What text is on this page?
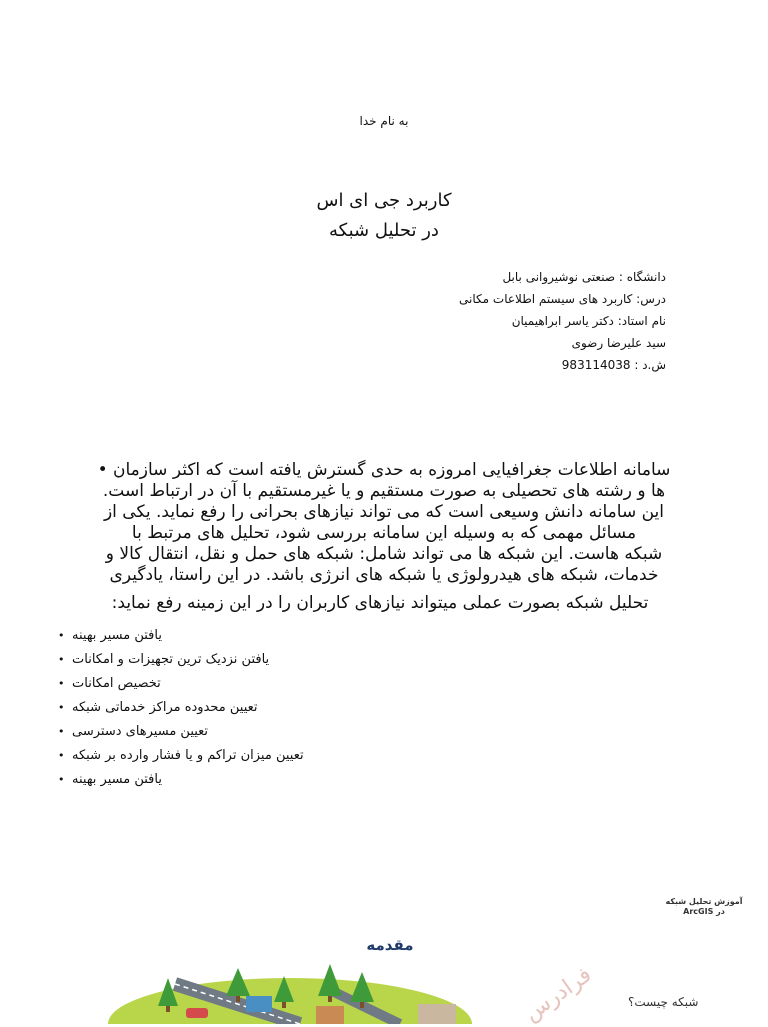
به نام خدا
کاربرد جی ای اس
در تحلیل شبکه
دانشگاه : صنعتی نوشیروانی بابل
درس: کاربرد های سیستم اطلاعات مکانی
نام استاد: دکتر یاسر ابراهیمیان
سید علیرضا رضوی
ش.د : 983114038
سامانه اطلاعات جغرافیایی امروزه به حدی گسترش یافته است که اکثر سازمان •
ها و رشته های تحصیلی به صورت مستقیم و یا غیرمستقیم با آن در ارتباط است.
این سامانه دانش وسیعی است که می تواند نیازهای بحرانی را رفع نماید. یکی از
مسائل مهمی که به وسیله این سامانه بررسی شود، تحلیل های مرتبط با
شبکه هاست. این شبکه ها می تواند شامل: شبکه های حمل و نقل، انتقال کالا و
خدمات، شبکه های هیدرولوژی یا شبکه های انرژی باشد. در این راستا، یادگیری
تحلیل شبکه بصورت عملی میتواند نیازهای کاربران را در این زمینه رفع نماید:
• یافتن مسیر بهینه
• یافتن نزدیک ترین تجهیزات و امکانات
• تخصیص امکانات
• تعیین محدوده مراکز خدماتی شبکه
• تعیین مسیرهای دسترسی
• تعیین میزان تراکم و یا فشار وارده بر شبکه
• یافتن مسیر بهینه
آموزش تحلیل شبکه
در ArcGIS
مقدمه
شبکه چیست؟
فرادرس
